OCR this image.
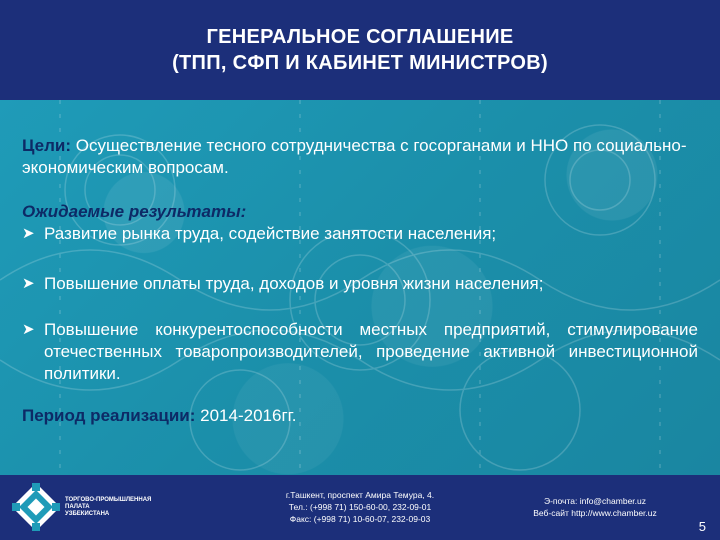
ГЕНЕРАЛЬНОЕ СОГЛАШЕНИЕ
(ТПП, СФП И КАБИНЕТ МИНИСТРОВ)

Цели: Осуществление тесного сотрудничества с госорганами и ННО по социально-экономическим вопросам.

Ожидаемые результаты:
➤ Развитие рынка труда, содействие занятости населения;
➤ Повышение оплаты труда, доходов и уровня жизни населения;
➤ Повышение конкурентоспособности местных предприятий, стимулирование отечественных товаропроизводителей, проведение активной инвестиционной политики.

Период реализации: 2014-2016гг.

ТОРГОВО-ПРОМЫШЛЕННАЯ
ПАЛАТА
УЗБЕКИСТАНА
г.Ташкент, проспект Амира Темура, 4.
Тел.: (+998 71) 150-60-00, 232-09-01
Факс: (+998 71) 10-60-07, 232-09-03
Э-почта: info@chamber.uz
Веб-сайт http://www.chamber.uz
5
